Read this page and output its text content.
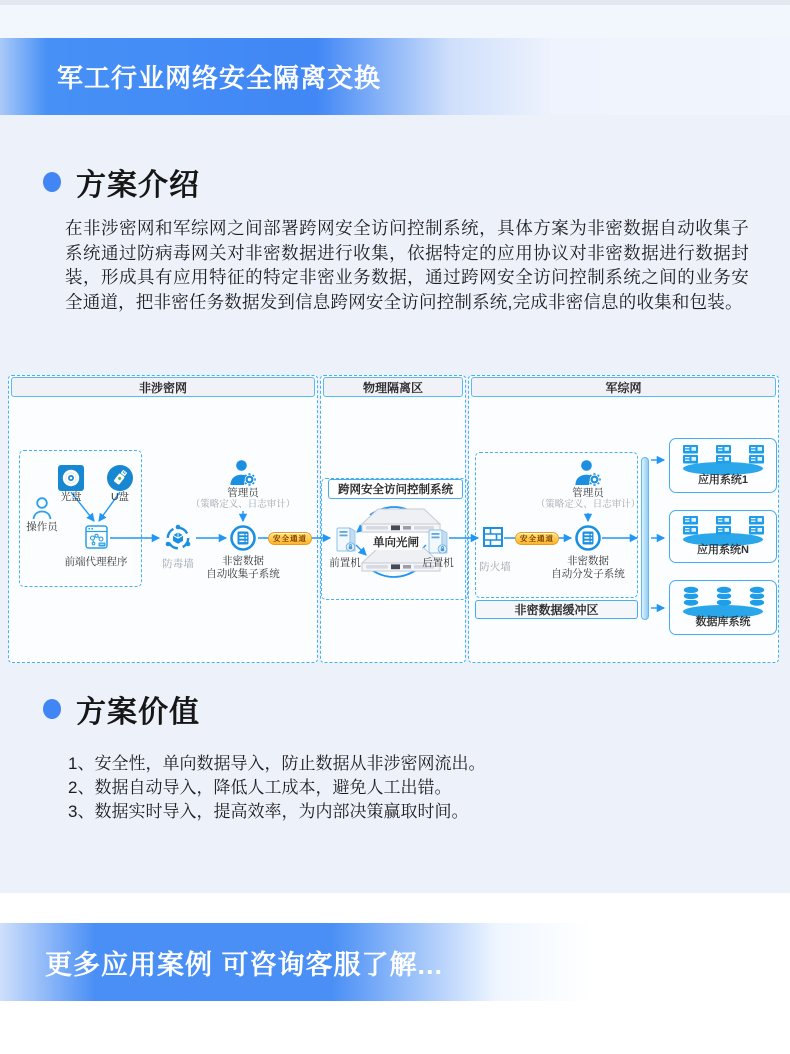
军工行业网络安全隔离交换
方案介绍
在非涉密网和军综网之间部署跨网安全访问控制系统，具体方案为非密数据自动收集子系统通过防病毒网关对非密数据进行收集，依据特定的应用协议对非密数据进行数据封装，形成具有应用特征的特定非密业务数据，通过跨网安全访问控制系统之间的业务安全通道，把非密任务数据发到信息跨网安全访问控制系统,完成非密信息的收集和包装。
非涉密网	物理隔离区	军综网
跨网安全访问控制系统
非密数据缓冲区
安全通道	安全通道
应用系统1
应用系统N
数据库系统
光盘	U盘
操作员
前端代理程序	防毒墙
管理员
（策略定义、日志审计）
非密数据
自动收集子系统
前置机
单向光闸
后置机 防火墙
管理员
（策略定义、日志审计）
非密数据
自动分发子系统
方案价值
1、安全性，单向数据导入，防止数据从非涉密网流出。
2、数据自动导入，降低人工成本，避免人工出错。
3、数据实时导入，提高效率，为内部决策赢取时间。
更多应用案例 可咨询客服了解...
